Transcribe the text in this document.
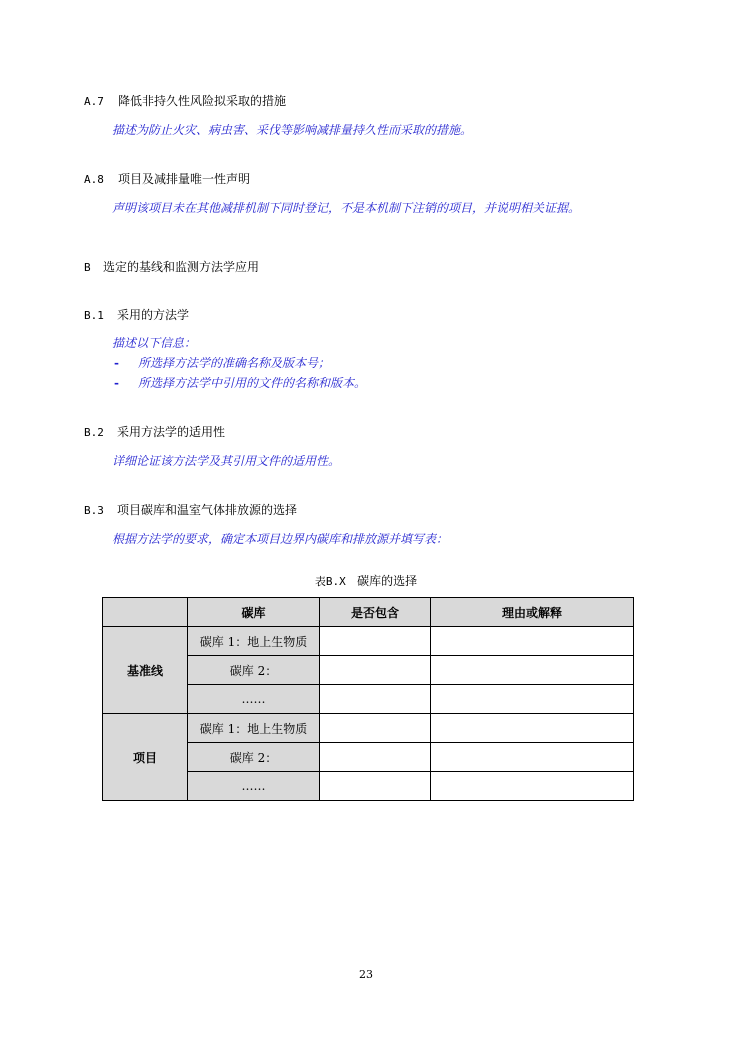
A.7 降低非持久性风险拟采取的措施
描述为防止火灾、病虫害、采伐等影响减排量持久性而采取的措施。
A.8 项目及减排量唯一性声明
声明该项目未在其他减排机制下同时登记，不是本机制下注销的项目，并说明相关证据。
B 选定的基线和监测方法学应用
B.1 采用的方法学
描述以下信息：
- 所选择方法学的准确名称及版本号；
- 所选择方法学中引用的文件的名称和版本。
B.2 采用方法学的适用性
详细论证该方法学及其引用文件的适用性。
B.3 项目碳库和温室气体排放源的选择
根据方法学的要求，确定本项目边界内碳库和排放源并填写表：
表B.X 碳库的选择
	碳库	是否包含	理由或解释
基准线	碳库 1：地上生物质		
	碳库 2：		
	……		
项目	碳库 1：地上生物质		
	碳库 2：		
	……		
23
